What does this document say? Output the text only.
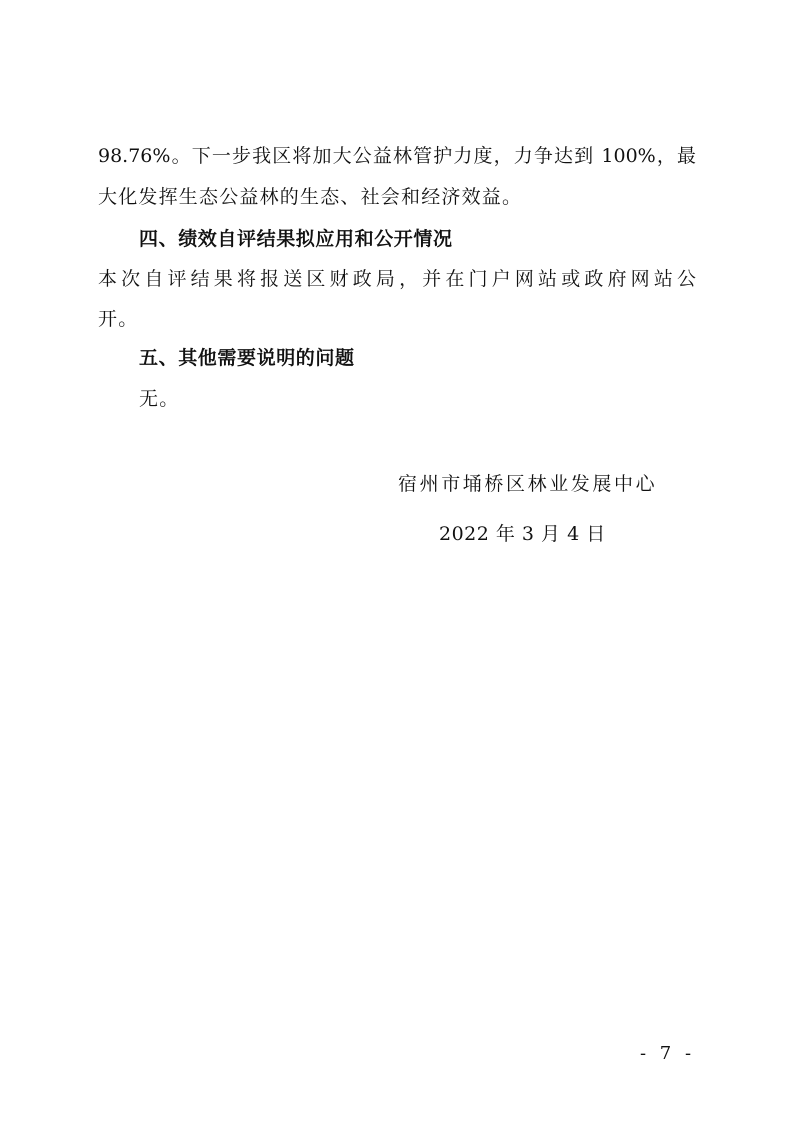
98.76%。下一步我区将加大公益林管护力度，力争达到 100%，最
大化发挥生态公益林的生态、社会和经济效益。
四、绩效自评结果拟应用和公开情况
本次自评结果将报送区财政局，并在门户网站或政府网站公
开。
五、其他需要说明的问题
无。
宿州市埇桥区林业发展中心
2022 年 3 月 4 日
- 7 -
